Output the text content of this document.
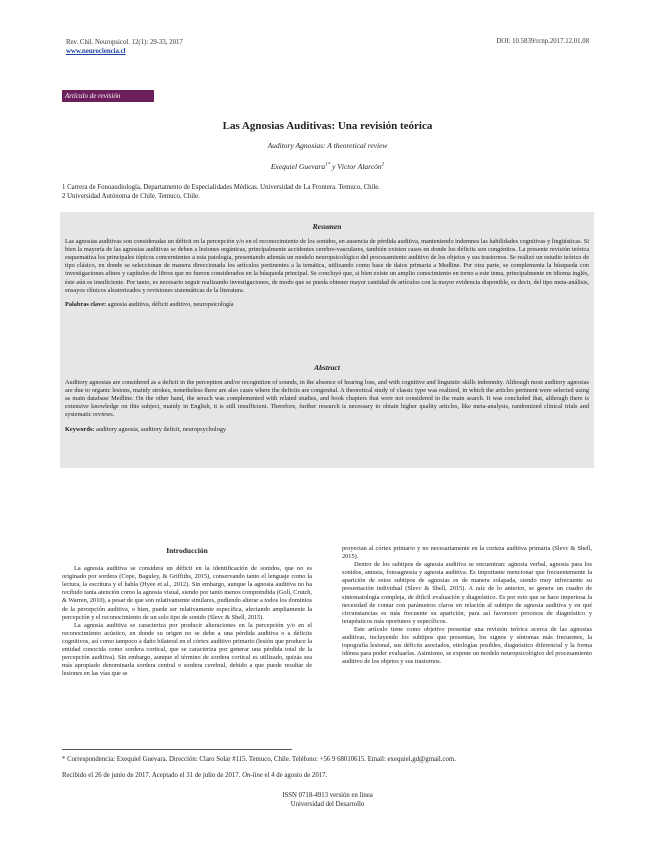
Rev. Chil. Neuropsicol. 12(1): 29-33, 2017
www.neurociencia.cl
DOI: 10.5839/rcnp.2017.12.01.08
Artículo de revisión
Las Agnosias Auditivas: Una revisión teórica
Auditory Agnosias: A theoretical review
Exequiel Guevara$^{1*}$ y Víctor Alarcón$^2$
1 Carrera de Fonoaudiología, Departamento de Especialidades Médicas. Universidad de La Frontera. Temuco, Chile.
2 Universidad Autónoma de Chile. Temuco, Chile.
Resumen

Las agnosias auditivas son consideradas un déficit en la percepción y/o en el reconocimiento de los sonidos, en ausencia de pérdida auditiva, manteniendo indemnes las habilidades cognitivas y lingüísticas. Si bien la mayoría de las agnosias auditivas se deben a lesiones orgánicas, principalmente accidentes cerebro-vasculares, también existen casos en donde los déficits son congénitos. La presente revisión teórica esquematiza los principales tópicos concernientes a esta patología, presentando además un modelo neuropsicológico del procesamiento auditivo de los objetos y sus trastornos. Se realizó un estudio teórico de tipo clásico, en donde se seleccionan de manera direccionada los artículos pertinentes a la temática, utilizando como base de datos primaria a Medline. Por otra parte, se complementa la búsqueda con investigaciones afines y capítulos de libros que no fueron considerados en la búsqueda principal. Se concluyó que, si bien existe un amplio conocimiento en torno a este tema, principalmente en idioma inglés, éste aún es insuficiente. Por tanto, es necesario seguir realizando investigaciones, de modo que se pueda obtener mayor cantidad de artículos con la mayor evidencia disponible, es decir, del tipo meta-análisis, ensayos clínicos aleatorizados y revisiones sistemáticas de la literatura.

Palabras clave: agnosia auditiva, déficit auditivo, neuropsicología

Abstract

Auditory agnosias are considered as a deficit in the perception and/or recognition of sounds, in the absence of hearing loss, and with cognitive and linguistic skills indemnity. Although most auditory agnosias are due to organic lesions, mainly strokes, nonetheless there are also cases where the deficits are congenital. A theoretical study of classic type was realized, in which the articles pertinent were selected using as main database Medline. On the other hand, the serach was complemented with related studies, and book chapters that were not considered in the main search. It was concluded that, although there is extensive knowledge on this subject, mainly in English, it is still insufficient. Therefore, further research is necessary to obtain higher quality articles, like meta-analysis, randomized clinical trials and systematic reviews.

Keywords: auditory agnosia, auditory deficit, neuropsychology

Introducción

La agnosia auditiva se considera un déficit en la identificación de sonidos, que no es originado por sordera (Cope, Baguley, & Griffiths, 2015), conservando tanto el lenguaje como la lectura, la escritura y el habla (Hyee et al., 2012). Sin embargo, aunque la agnosia auditiva no ha recibido tanta atención como la agnosia visual, siendo por tanto menos comprendida (Golí, Crutch, & Warren, 2010), a pesar de que son relativamente similares, pudiendo alterar a todos los dominios de la percepción auditiva, o bien, puede ser relativamente específica, afectando ampliamente la percepción y el reconocimiento de un solo tipo de sonido (Slevc & Shell, 2015).

La agnosia auditiva se caracteriza por producir alteraciones en la percepción y/o en el reconocimiento acústico, en donde su origen no se debe a una pérdida auditiva o a déficits cognitivos, así como tampoco a daño bilateral en el córtex auditivo primario (lesión que produce la entidad conocida como sordera cortical, que se caracteriza por generar una pérdida total de la percepción auditiva). Sin embargo, aunque el término de sordera cortical es utilizado, quizás sea más apropiado denominarla sordera central o sordera cerebral, debido a que puede resultar de lesiones en las vías que se

proyectan al córtex primario y no necesariamente en la corteza auditiva primaria (Slevc & Shell, 2015).

Dentro de los subtipos de agnosia auditiva se encuentran: agnosia verbal, agnosia para los sonidos, amusia, fonoagnosia y agnosia auditiva. Es importante mencionar que frecuentemente la aparición de estos subtipos de agnosias es de manera solapada, siendo muy infrecuente su presentación individual (Slevc & Shell, 2015). A raíz de lo anterior, se genera un cuadro de sintomatología compleja, de difícil evaluación y diagnóstico. Es por esto que se hace imperiosa la necesidad de contar con parámetros claros en relación al subtipo de agnosia auditiva y en qué circunstancias es más frecuente su aparición, para así favorecer procesos de diagnóstico y terapéuticos más oportunos y específicos.

Este artículo tiene como objetivo presentar una revisión teórica acerca de las agnosias auditivas, incluyendo los subtipos que presentan, los signos y síntomas más frecuentes, la topografía lesional, sus déficits asociados, etiologías posibles, diagnóstico diferencial y la forma idónea para poder evaluarlas. Asimismo, se expone un modelo neuropsicológico del procesamiento auditivo de los objetos y sus trastornos.

* Correspondencia: Exequiel Guevara. Dirección: Claro Solar #115. Temuco, Chile. Teléfono: +56 9 68010615. Email: exequiel.gd@gmail.com.
Recibido el 26 de junio de 2017. Aceptado el 31 de julio de 2017. On-line el 4 de agosto de 2017.
ISSN 0718-4913 versión en línea
Universidad del Desarrollo
